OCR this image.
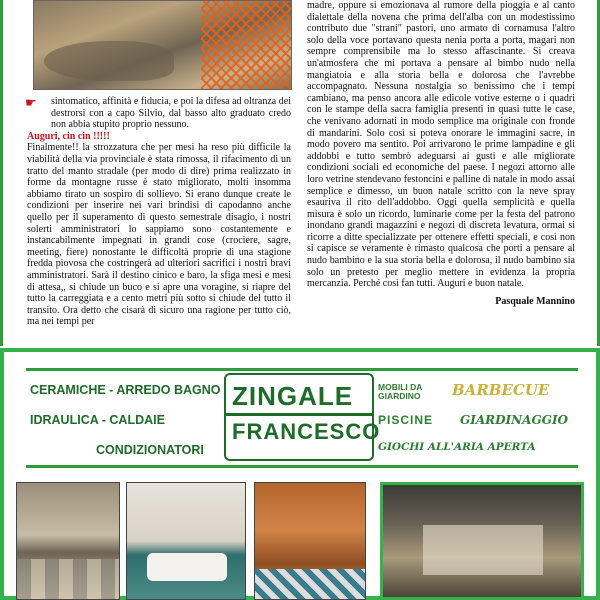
☛	sintomatico, affinità e fiducia, e poi la difesa ad oltranza dei destrorsi con a capo Silvio, dal basso alto graduato credo non abbia stupito proprio nessuno.
Auguri, cin cin !!!!!
Finalmente!! la strozzatura che per mesi ha reso più difficile la viabilità della via provinciale è stata rimossa, il rifacimento di un tratto del manto stradale (per modo di dire) prima realizzato in forme da montagne russe è stato migliorato, molti insomma abbiamo tirato un sospiro di sollievo. Si erano dunque create le condizioni per inserire nei vari brindisi di capodanno anche quello per il superamento di questo semestrale disagio, i nostri solerti amministratori lo sappiamo sono costantemente e instancabilmente impegnati in grandi cose (crociere, sagre, meeting, fiere) nonostante le difficoltà proprie di una stagione fredda piovosa che costringerà ad ulteriori sacrifici i nostri bravi amministratori. Sarà il destino cinico e baro, la sfiga mesi e mesi di attesa,, si chiude un buco e si apre una voragine, si riapre del tutto la carreggiata e a cento metri più sotto si chiude del tutto il transito. Ora detto che cisarà di sicuro una ragione per tutto ciò, ma nei tempi per
madre, oppure si emozionava al rumore della pioggia e al canto dialettale della novena che prima dell'alba con un modestissimo contributo due "strani" pastori, uno armato di cornamusa l'altro solo della voce portavano questa nenia porta a porta, magari non sempre comprensibile ma lo stesso affascinante. Si creava un'atmosfera che mi portava a pensare al bimbo nudo nella mangiatoia e alla storia bella e dolorosa che l'avrebbe accompagnato. Nessuna nostalgia so benissimo che i tempi cambiano, ma penso ancora alle edicole votive esterne o i quadri con le stampe della sacra famiglia presenti in quasi tutte le case, che venivano adornati in modo semplice ma originale con fronde di mandarini. Solo così si poteva onorare le immagini sacre, in modo povero ma sentito. Poi arrivarono le prime lampadine e gli addobbi e tutto sembrò adeguarsi ai gusti e alle migliorate condizioni sociali ed economiche del paese. I negozi attorno alle loro vetrine stendevano festoncini e palline di natale in modo assai semplice e dimesso, un buon natale scritto con la neve spray esauriva il rito dell'addobbo. Oggi quella semplicità e quella misura è solo un ricordo, luminarie come per la festa del patrono inondano grandi magazzini e negozi di discreta levatura, ormai si ricorre a ditte specializzate per ottenere effetti speciali, e così non si capisce se veramente è rimasto qualcosa che porti a pensare al nudo bambino e la sua storia bella e dolorosa, il nudo bambino sia solo un pretesto per meglio mettere in evidenza la propria mercanzia. Perché così fan tutti. Auguri e buon natale.
Pasquale Mannino
CERAMICHE - ARREDO BAGNO
IDRAULICA - CALDAIE
CONDIZIONATORI
ZINGALE
FRANCESCO
MOBILI DA GIARDINO	BARBECUE
PISCINE GIARDINAGGIO
GIOCHI ALL'ARIA APERTA
